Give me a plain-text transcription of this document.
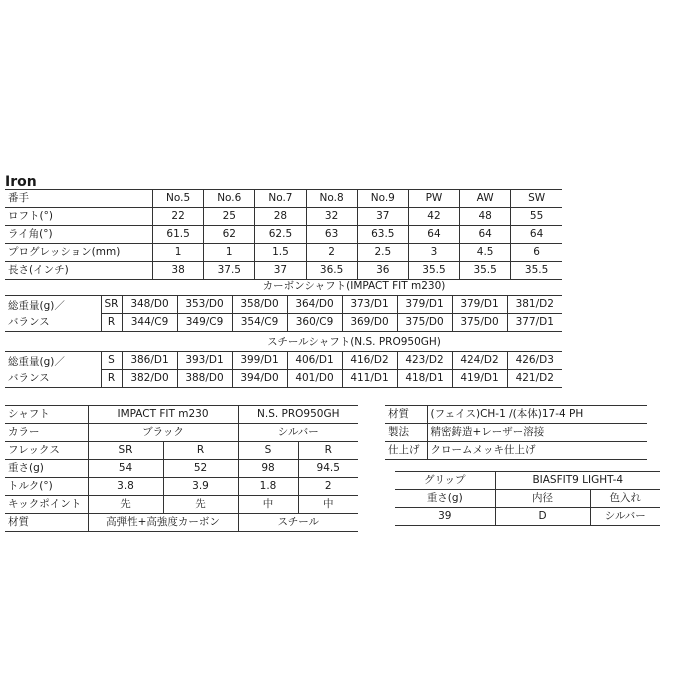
Iron
番手	No.5	No.6	No.7	No.8	No.9	PW	AW	SW
ロフト(°)	22	25	28	32	37	42	48	55
ライ角(°)	61.5	62	62.5	63	63.5	64	64	64
プログレッション(mm)	1	1	1.5	2	2.5	3	4.5	6
長さ(インチ)	38	37.5	37	36.5	36	35.5	35.5	35.5
カーボンシャフト(IMPACT FIT m230)
総重量(g)／
バランス	SR	348/D0	353/D0	358/D0	364/D0	373/D1	379/D1	379/D1	381/D2
	R	344/C9	349/C9	354/C9	360/C9	369/D0	375/D0	375/D0	377/D1
スチールシャフト(N.S. PRO950GH)
総重量(g)／
バランス	S	386/D1	393/D1	399/D1	406/D1	416/D2	423/D2	424/D2	426/D3
	R	382/D0	388/D0	394/D0	401/D0	411/D1	418/D1	419/D1	421/D2
シャフト	IMPACT FIT m230		N.S. PRO950GH	
カラー	ブラック		シルバー	
フレックス	SR	R	S	R
重さ(g)	54	52	98	94.5
トルク(°)	3.8	3.9	1.8	2
キックポイント	先	先	中	中
材質	高弾性+高強度カーボン		スチール	
材質	(フェイス)CH-1 /(本体)17-4 PH
製法	精密鋳造+レーザー溶接
仕上げ	クロームメッキ仕上げ
グリップ	BIASFIT9 LIGHT-4	
重さ(g)	内径	色入れ
39	D	シルバー
